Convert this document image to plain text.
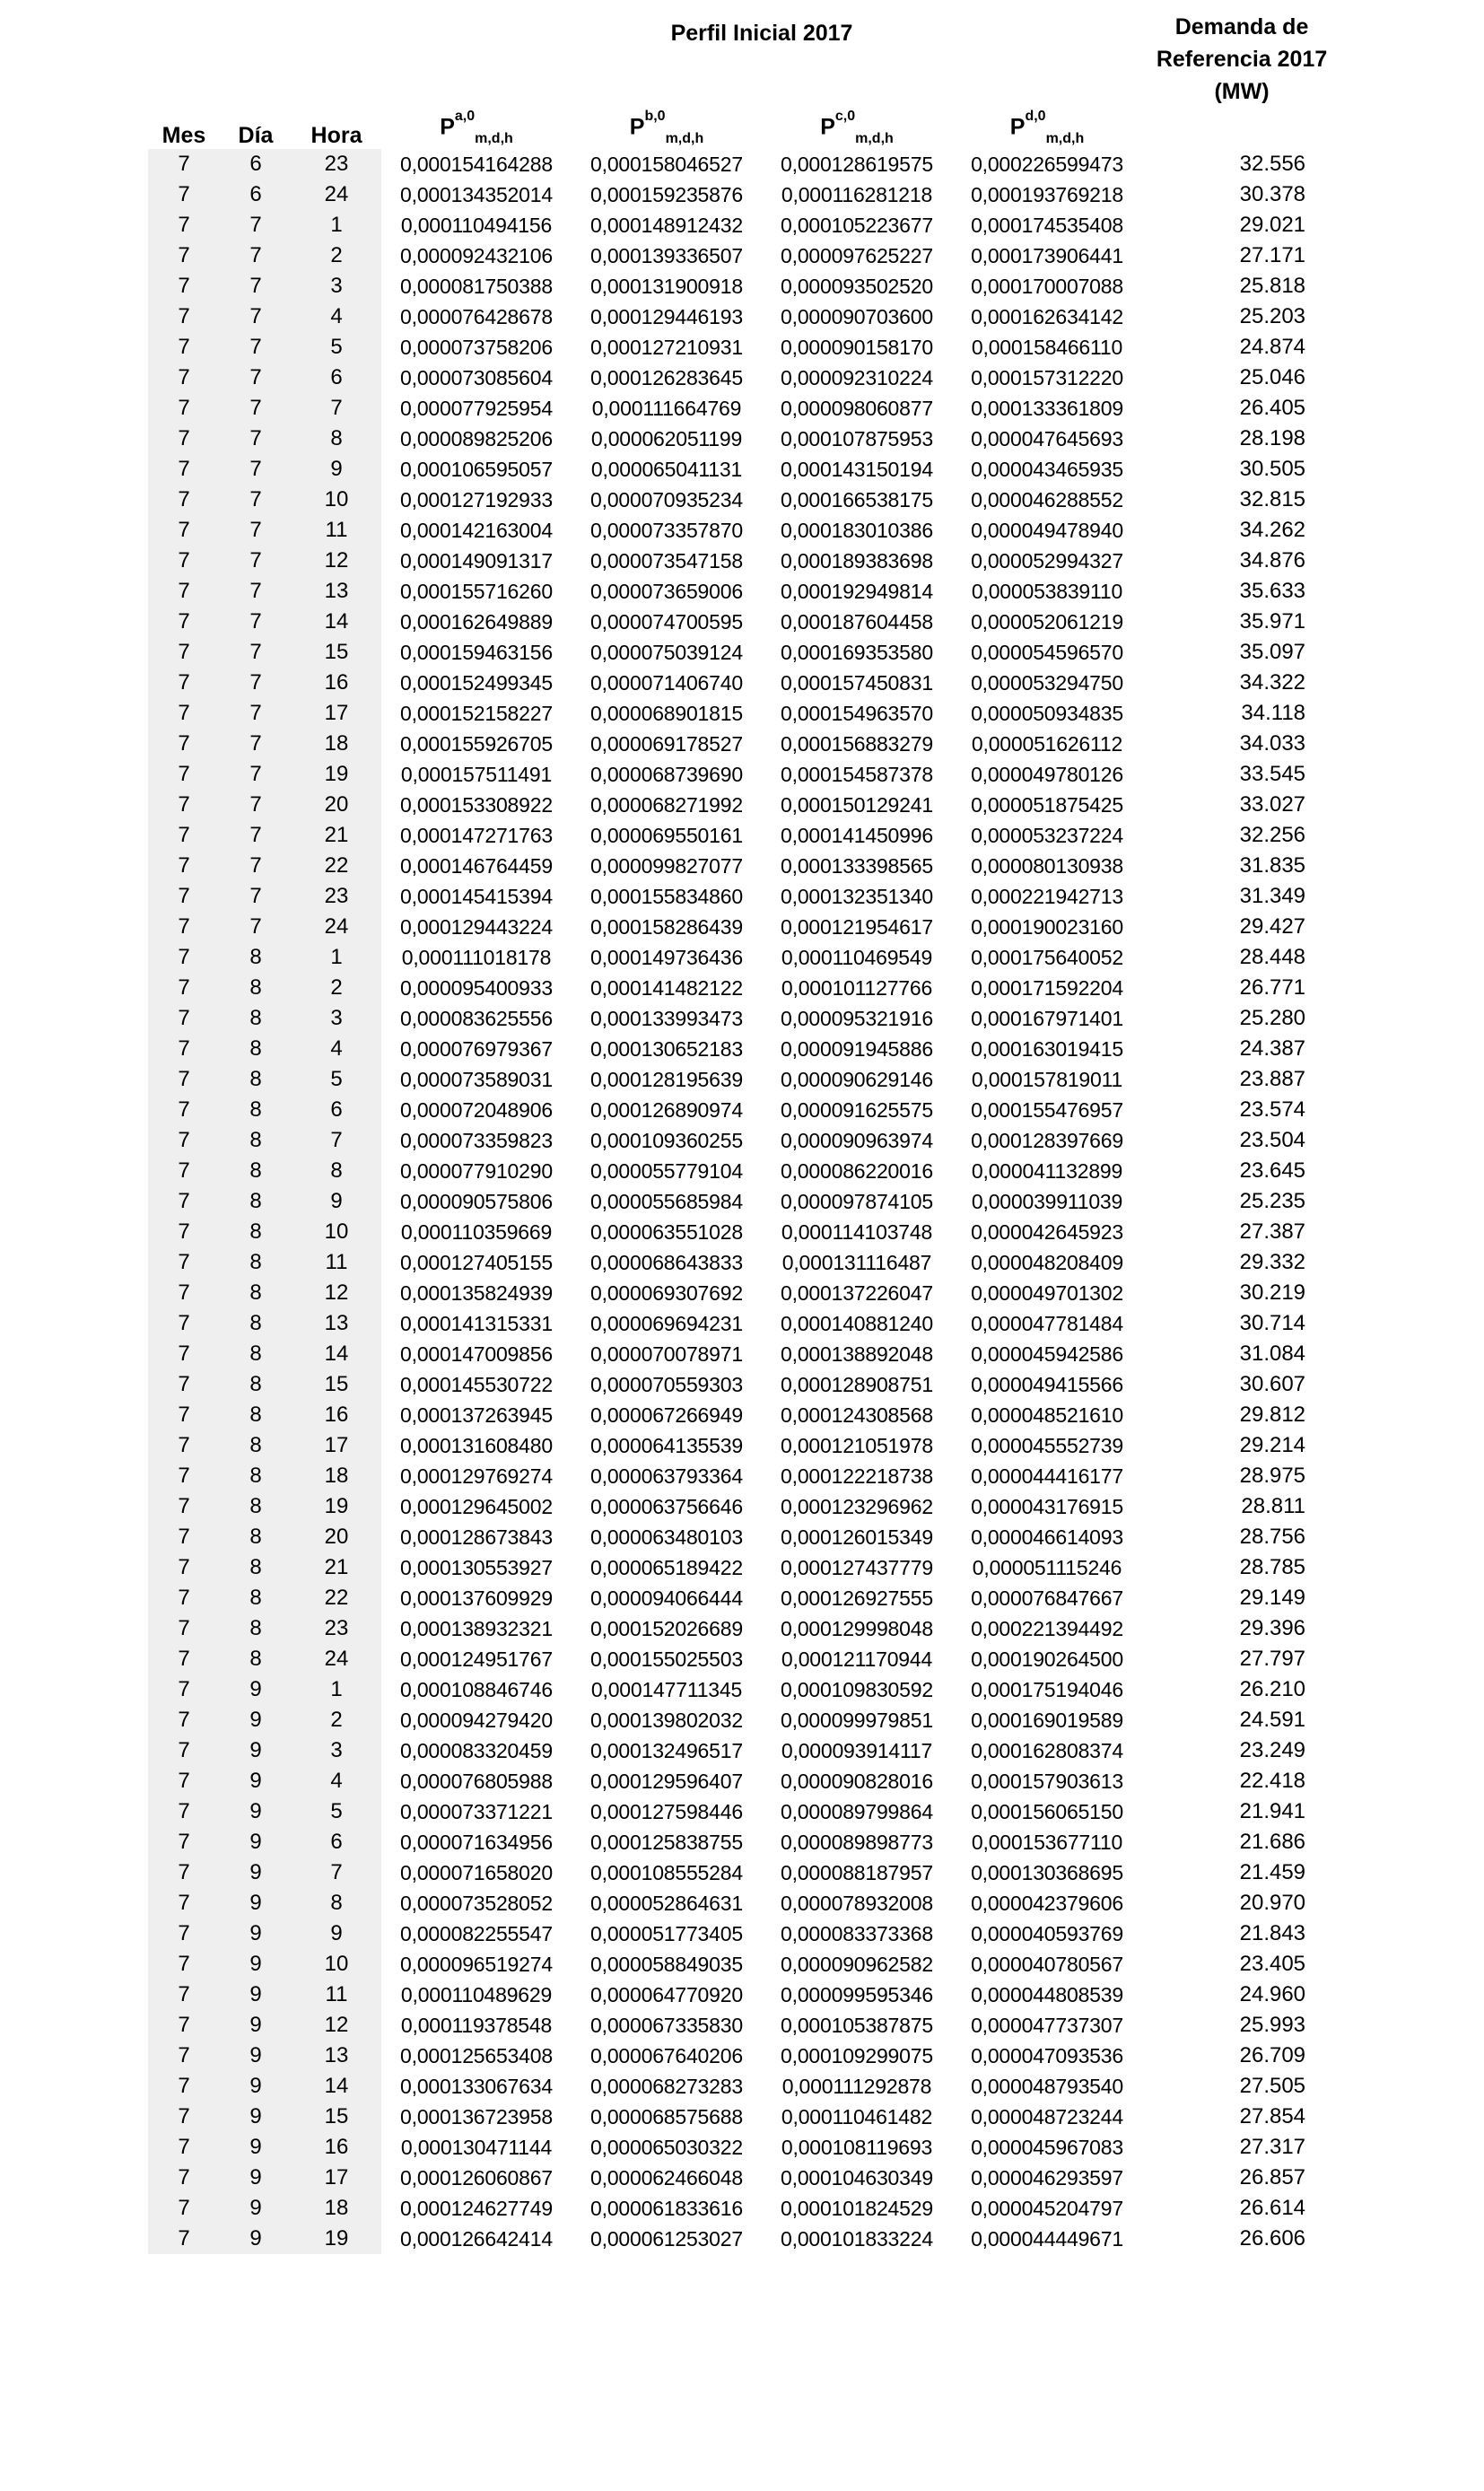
			Perfil Inicial 2017				Demanda de
Referencia 2017
(MW)

Mes	Día	Hora	P$^{a,0}_{m,d,h}$	P$^{b,0}_{m,d,h}$	P$^{c,0}_{m,d,h}$	P$^{d,0}_{m,d,h}$
7	6	23	0,000154164288	0,000158046527	0,000128619575	0,000226599473	32.556
7	6	24	0,000134352014	0,000159235876	0,000116281218	0,000193769218	30.378
7	7	1	0,000110494156	0,000148912432	0,000105223677	0,000174535408	29.021
7	7	2	0,000092432106	0,000139336507	0,000097625227	0,000173906441	27.171
7	7	3	0,000081750388	0,000131900918	0,000093502520	0,000170007088	25.818
7	7	4	0,000076428678	0,000129446193	0,000090703600	0,000162634142	25.203
7	7	5	0,000073758206	0,000127210931	0,000090158170	0,000158466110	24.874
7	7	6	0,000073085604	0,000126283645	0,000092310224	0,000157312220	25.046
7	7	7	0,000077925954	0,000111664769	0,000098060877	0,000133361809	26.405
7	7	8	0,000089825206	0,000062051199	0,000107875953	0,000047645693	28.198
7	7	9	0,000106595057	0,000065041131	0,000143150194	0,000043465935	30.505
7	7	10	0,000127192933	0,000070935234	0,000166538175	0,000046288552	32.815
7	7	11	0,000142163004	0,000073357870	0,000183010386	0,000049478940	34.262
7	7	12	0,000149091317	0,000073547158	0,000189383698	0,000052994327	34.876
7	7	13	0,000155716260	0,000073659006	0,000192949814	0,000053839110	35.633
7	7	14	0,000162649889	0,000074700595	0,000187604458	0,000052061219	35.971
7	7	15	0,000159463156	0,000075039124	0,000169353580	0,000054596570	35.097
7	7	16	0,000152499345	0,000071406740	0,000157450831	0,000053294750	34.322
7	7	17	0,000152158227	0,000068901815	0,000154963570	0,000050934835	34.118
7	7	18	0,000155926705	0,000069178527	0,000156883279	0,000051626112	34.033
7	7	19	0,000157511491	0,000068739690	0,000154587378	0,000049780126	33.545
7	7	20	0,000153308922	0,000068271992	0,000150129241	0,000051875425	33.027
7	7	21	0,000147271763	0,000069550161	0,000141450996	0,000053237224	32.256
7	7	22	0,000146764459	0,000099827077	0,000133398565	0,000080130938	31.835
7	7	23	0,000145415394	0,000155834860	0,000132351340	0,000221942713	31.349
7	7	24	0,000129443224	0,000158286439	0,000121954617	0,000190023160	29.427
7	8	1	0,000111018178	0,000149736436	0,000110469549	0,000175640052	28.448
7	8	2	0,000095400933	0,000141482122	0,000101127766	0,000171592204	26.771
7	8	3	0,000083625556	0,000133993473	0,000095321916	0,000167971401	25.280
7	8	4	0,000076979367	0,000130652183	0,000091945886	0,000163019415	24.387
7	8	5	0,000073589031	0,000128195639	0,000090629146	0,000157819011	23.887
7	8	6	0,000072048906	0,000126890974	0,000091625575	0,000155476957	23.574
7	8	7	0,000073359823	0,000109360255	0,000090963974	0,000128397669	23.504
7	8	8	0,000077910290	0,000055779104	0,000086220016	0,000041132899	23.645
7	8	9	0,000090575806	0,000055685984	0,000097874105	0,000039911039	25.235
7	8	10	0,000110359669	0,000063551028	0,000114103748	0,000042645923	27.387
7	8	11	0,000127405155	0,000068643833	0,000131116487	0,000048208409	29.332
7	8	12	0,000135824939	0,000069307692	0,000137226047	0,000049701302	30.219
7	8	13	0,000141315331	0,000069694231	0,000140881240	0,000047781484	30.714
7	8	14	0,000147009856	0,000070078971	0,000138892048	0,000045942586	31.084
7	8	15	0,000145530722	0,000070559303	0,000128908751	0,000049415566	30.607
7	8	16	0,000137263945	0,000067266949	0,000124308568	0,000048521610	29.812
7	8	17	0,000131608480	0,000064135539	0,000121051978	0,000045552739	29.214
7	8	18	0,000129769274	0,000063793364	0,000122218738	0,000044416177	28.975
7	8	19	0,000129645002	0,000063756646	0,000123296962	0,000043176915	28.811
7	8	20	0,000128673843	0,000063480103	0,000126015349	0,000046614093	28.756
7	8	21	0,000130553927	0,000065189422	0,000127437779	0,000051115246	28.785
7	8	22	0,000137609929	0,000094066444	0,000126927555	0,000076847667	29.149
7	8	23	0,000138932321	0,000152026689	0,000129998048	0,000221394492	29.396
7	8	24	0,000124951767	0,000155025503	0,000121170944	0,000190264500	27.797
7	9	1	0,000108846746	0,000147711345	0,000109830592	0,000175194046	26.210
7	9	2	0,000094279420	0,000139802032	0,000099979851	0,000169019589	24.591
7	9	3	0,000083320459	0,000132496517	0,000093914117	0,000162808374	23.249
7	9	4	0,000076805988	0,000129596407	0,000090828016	0,000157903613	22.418
7	9	5	0,000073371221	0,000127598446	0,000089799864	0,000156065150	21.941
7	9	6	0,000071634956	0,000125838755	0,000089898773	0,000153677110	21.686
7	9	7	0,000071658020	0,000108555284	0,000088187957	0,000130368695	21.459
7	9	8	0,000073528052	0,000052864631	0,000078932008	0,000042379606	20.970
7	9	9	0,000082255547	0,000051773405	0,000083373368	0,000040593769	21.843
7	9	10	0,000096519274	0,000058849035	0,000090962582	0,000040780567	23.405
7	9	11	0,000110489629	0,000064770920	0,000099595346	0,000044808539	24.960
7	9	12	0,000119378548	0,000067335830	0,000105387875	0,000047737307	25.993
7	9	13	0,000125653408	0,000067640206	0,000109299075	0,000047093536	26.709
7	9	14	0,000133067634	0,000068273283	0,000111292878	0,000048793540	27.505
7	9	15	0,000136723958	0,000068575688	0,000110461482	0,000048723244	27.854
7	9	16	0,000130471144	0,000065030322	0,000108119693	0,000045967083	27.317
7	9	17	0,000126060867	0,000062466048	0,000104630349	0,000046293597	26.857
7	9	18	0,000124627749	0,000061833616	0,000101824529	0,000045204797	26.614
7	9	19	0,000126642414	0,000061253027	0,000101833224	0,000044449671	26.606
